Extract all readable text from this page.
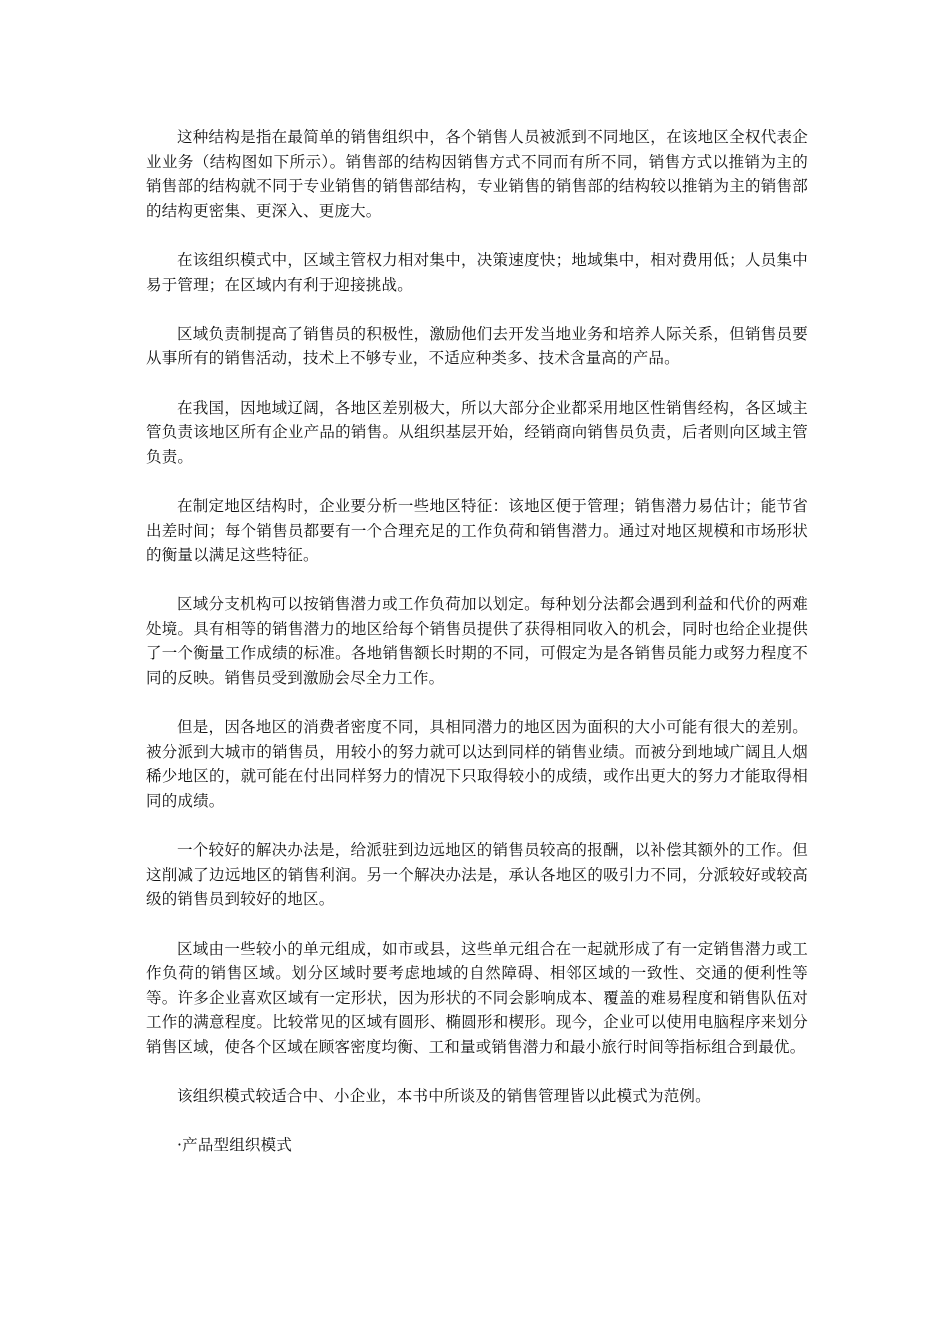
这种结构是指在最简单的销售组织中，各个销售人员被派到不同地区，在该地区全权代表企业业务（结构图如下所示）。销售部的结构因销售方式不同而有所不同，销售方式以推销为主的销售部的结构就不同于专业销售的销售部结构，专业销售的销售部的结构较以推销为主的销售部的结构更密集、更深入、更庞大。

在该组织模式中，区域主管权力相对集中，决策速度快；地域集中，相对费用低；人员集中易于管理；在区域内有利于迎接挑战。

区域负责制提高了销售员的积极性，激励他们去开发当地业务和培养人际关系，但销售员要从事所有的销售活动，技术上不够专业，不适应种类多、技术含量高的产品。

在我国，因地域辽阔，各地区差别极大，所以大部分企业都采用地区性销售经构，各区域主管负责该地区所有企业产品的销售。从组织基层开始，经销商向销售员负责，后者则向区域主管负责。

在制定地区结构时，企业要分析一些地区特征：该地区便于管理；销售潜力易估计；能节省出差时间；每个销售员都要有一个合理充足的工作负荷和销售潜力。通过对地区规模和市场形状的衡量以满足这些特征。

区域分支机构可以按销售潜力或工作负荷加以划定。每种划分法都会遇到利益和代价的两难处境。具有相等的销售潜力的地区给每个销售员提供了获得相同收入的机会，同时也给企业提供了一个衡量工作成绩的标准。各地销售额长时期的不同，可假定为是各销售员能力或努力程度不同的反映。销售员受到激励会尽全力工作。

但是，因各地区的消费者密度不同，具相同潜力的地区因为面积的大小可能有很大的差别。被分派到大城市的销售员，用较小的努力就可以达到同样的销售业绩。而被分到地域广阔且人烟稀少地区的，就可能在付出同样努力的情况下只取得较小的成绩，或作出更大的努力才能取得相同的成绩。

一个较好的解决办法是，给派驻到边远地区的销售员较高的报酬，以补偿其额外的工作。但这削减了边远地区的销售利润。另一个解决办法是，承认各地区的吸引力不同，分派较好或较高级的销售员到较好的地区。

区域由一些较小的单元组成，如市或县，这些单元组合在一起就形成了有一定销售潜力或工作负荷的销售区域。划分区域时要考虑地域的自然障碍、相邻区域的一致性、交通的便利性等等。许多企业喜欢区域有一定形状，因为形状的不同会影响成本、覆盖的难易程度和销售队伍对工作的满意程度。比较常见的区域有圆形、椭圆形和楔形。现今，企业可以使用电脑程序来划分销售区域，使各个区域在顾客密度均衡、工和量或销售潜力和最小旅行时间等指标组合到最优。

该组织模式较适合中、小企业，本书中所谈及的销售管理皆以此模式为范例。

·产品型组织模式
